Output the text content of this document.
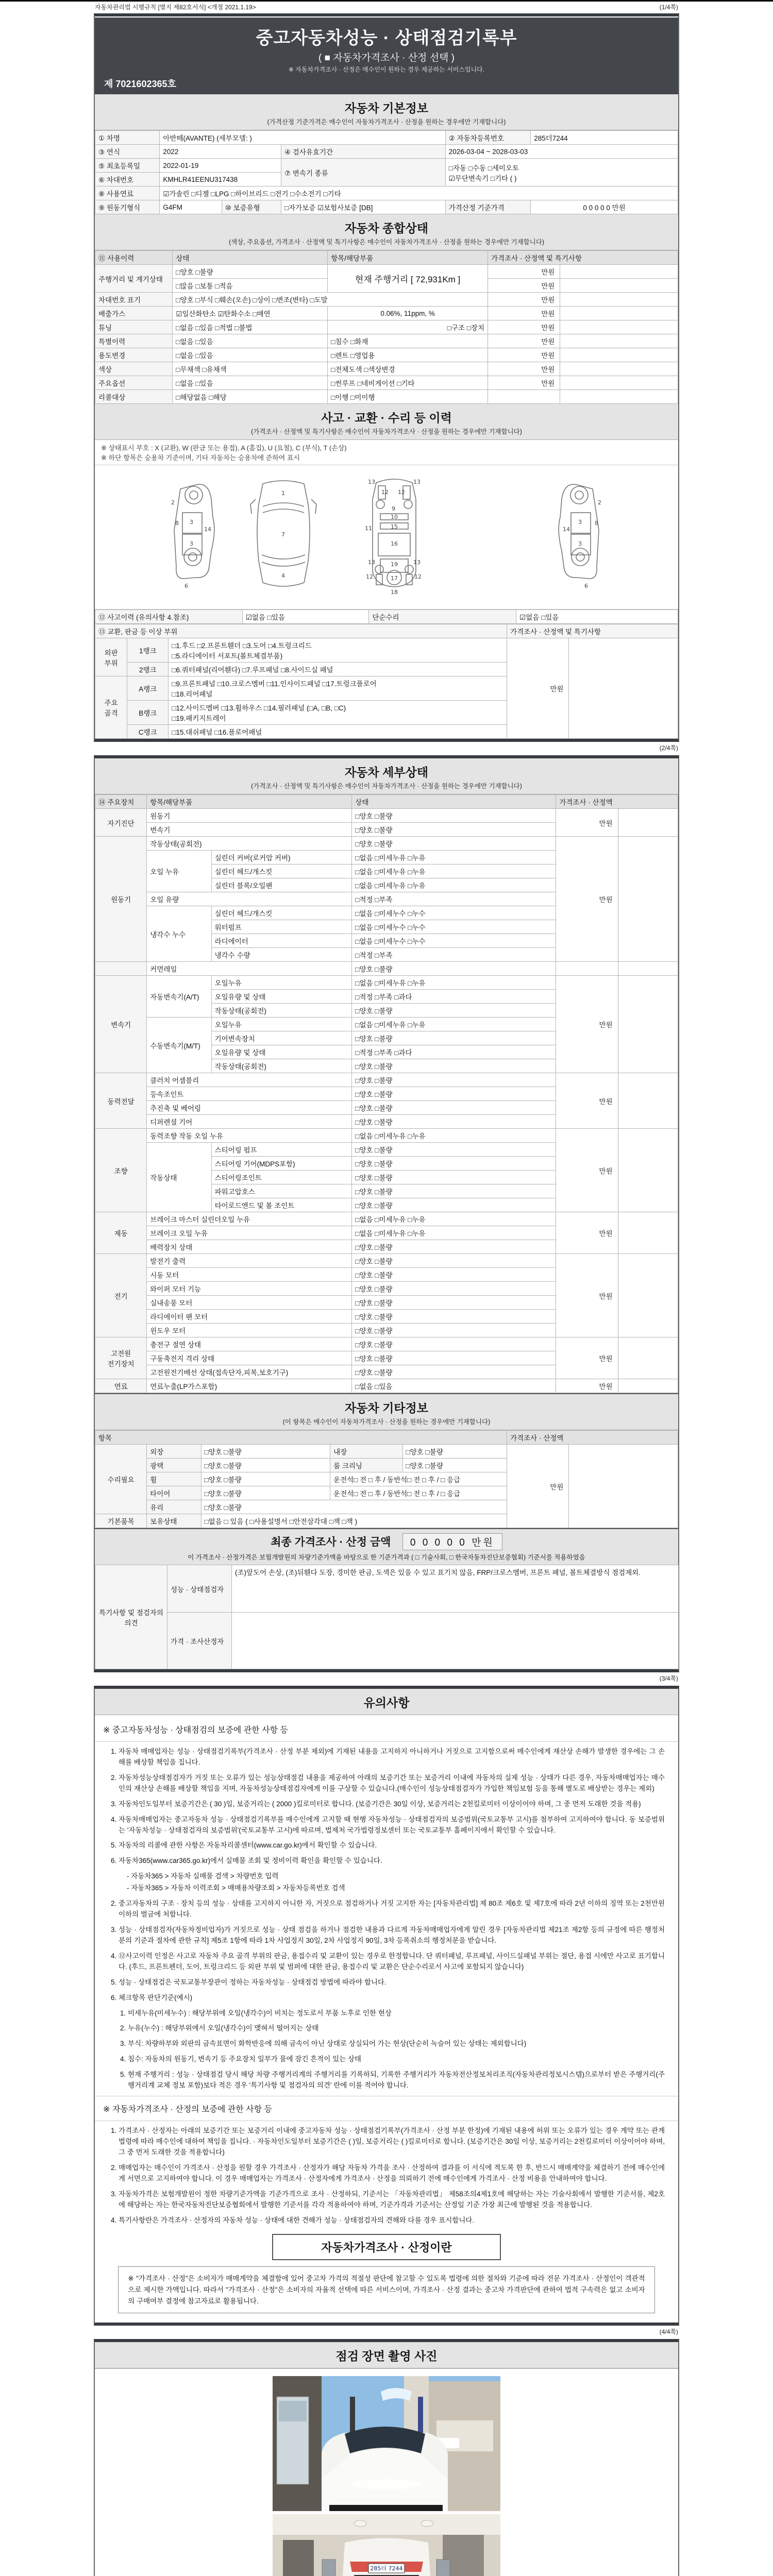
자동차관리법 시행규칙 [별지 제82호서식] <개정 2021.1.19>	(1/4쪽)
중고자동차성능 · 상태점검기록부
( ■ 자동차가격조사 · 산정 선택 )
※ 자동차가격조사 · 산정은 매수인이 원하는 경우 제공하는 서비스입니다.
제 7021602365호
자동차 기본정보
(가격산정 기준가격은 매수인이 자동차가격조사 · 산정을 원하는 경우에만 기재합니다)
① 차명	아반떼(AVANTE) (세부모델: )			② 자동차등록번호	285더7244
③ 연식	2022		④ 검사유효기간	2026-03-04 ~ 2028-03-03	
⑤ 최초등록일	2022-01-19		⑦ 변속기 종류	□자동 □수동 □세미오토
☑무단변속기 □기타 ( )	

⑥ 차대번호	KMHLR41EENU317438				
⑧ 사용연료	☑가솔린 □디젤 □LPG □하이브리드 □전기 □수소전기 □기타				
⑨ 원동기형식	G4FM	⑩ 보증유형	□자가보증 ☑보험사보증 [DB]	가격산정 기준가격	0 0 0 0 0 만원
자동차 종합상태
(색상, 주요옵션, 가격조사 · 산정액 및 특기사항은 매수인이 자동차가격조사 · 산정을 원하는 경우에만 기재합니다)
⑪ 사용이력	상태	항목/해당부품	가격조사 · 산정액 및 특기사항	
주행거리 및 계기상태	□양호 □불량	현재 주행거리 [ 72,931Km ]	만원	
	□많음 □보통 □적음		만원	
차대번호 표기	□양호 □부식 □훼손(오손) □상이 □변조(변타) □도말		만원	
배출가스	☑일산화탄소 ☑탄화수소 □매연	0.06%, 11ppm, %	만원	
튜닝	□없음 □있음 □적법 □불법	□구조 □장치	만원	
특별이력	□없음 □있음	□침수 □화재	만원	
용도변경	□없음 □있음	□렌트 □영업용	만원	
색상	□무채색 □유채색	□전체도색 □색상변경	만원	
주요옵션	□없음 □있음	□썬루프 □네비게이션 □기타	만원	
리콜대상	□해당없음 □해당	□이행 □미이행		
사고 · 교환 · 수리 등 이력
(가격조사 · 산정액 및 특기사항은 매수인이 자동차가격조사 · 산정을 원하는 경우에만 기재합니다)
※ 상태표시 부호 : X (교환), W (판금 또는 용접), A (흠집), U (요철), C (부식), T (손상)
※ 하단 항목은 승용차 기준이며, 기타 자동차는 승용차에 준하여 표시
2
8 3
3
14
6
1
7
4
13	13
12 12
9
10
15
16
19
13	13
12	12
17
18
11
2
8
3
3
14
6
⑫ 사고이력 (유의사항 4.참조)	☑없음 □있음	단순수리	☑없음 □있음
⑬ 교환, 판금 등 이상 부위			가격조사 · 산정액 및 특기사항	
외판 부위	1랭크	□1.후드 □2.프론트휀더 □3.도어 □4.트렁크리드
□5.라디에이터 서포트(볼트체결부품)	만원	
	2랭크	□6.쿼터패널(리어휀다) □7.루프패널 □8.사이드실 패널		
주요 골격	A랭크	□9.프론트패널 □10.크로스멤버 □11.인사이드패널 □17.트렁크플로어
□18.리어패널		

	B랭크	□12.사이드멤버 □13.휠하우스 □14.필러패널 (□A, □B, □C)
□19.패키지트레이		

	C랭크	□15.대쉬패널 □16.플로어패널		
(2/4쪽)
자동차 세부상태
(가격조사 · 산정액 및 특기사항은 매수인이 자동차가격조사 · 산정을 원하는 경우에만 기재합니다)
⑭ 주요장치	항목/해당부품		상태	가격조사 · 산정액	
자기진단	원동기		□양호 □불량	만원	
	변속기		□양호 □불량		
원동기	작동상태(공회전)		□양호 □불량	만원	
	오일 누유	실린더 커버(로커암 커버)	□없음 □미세누유 □누유		
		실린더 헤드/개스킷	□없음 □미세누유 □누유		
		실린더 블록/오일팬	□없음 □미세누유 □누유		
	오일 유량		□적정 □부족		
	냉각수 누수	실린더 헤드/개스킷	□없음 □미세누수 □누수		
		워터펌프	□없음 □미세누수 □누수		
		라디에이터	□없음 □미세누수 □누수		
		냉각수 수량	□적정 □부족		
	커먼레일		□양호 □불량		
변속기	자동변속기(A/T)	오일누유	□없음 □미세누유 □누유	만원	
		오일유량 및 상태	□적정 □부족 □과다		
		작동상태(공회전)	□양호 □불량		
	수동변속기(M/T)	오일누유	□없음 □미세누유 □누유		
		기어변속장치	□양호 □불량		
		오일유량 및 상태	□적정 □부족 □과다		
		작동상태(공회전)	□양호 □불량		
동력전달	클러치 어셈블리		□양호 □불량	만원	
	등속조인트		□양호 □불량		
	추진축 및 베어링		□양호 □불량		
	디퍼렌셜 기어		□양호 □불량		
조향	동력조향 작동 오일 누유		□없음 □미세누유 □누유	만원	
	작동상태	스티어링 펌프	□양호 □불량		
		스티어링 기어(MDPS포함)	□양호 □불량		
		스티어링조인트	□양호 □불량		
		파워고압호스	□양호 □불량		
		타이로드엔드 및 볼 조인트	□양호 □불량		
제동	브레이크 마스터 실린더오일 누유		□없음 □미세누유 □누유	만원	
	브레이크 오일 누유		□없음 □미세누유 □누유		
	배력장치 상태		□양호 □불량		
전기	발전기 출력		□양호 □불량	만원	
	시동 모터		□양호 □불량		
	와이퍼 모터 기능		□양호 □불량		
	실내송풍 모터		□양호 □불량		
	라디에이터 팬 모터		□양호 □불량		
	윈도우 모터		□양호 □불량		
고전원 전기장치	충전구 절연 상태		□양호 □불량	만원	
	구동축전지 격리 상태		□양호 □불량		
	고전원전기배선 상태(접속단자,피복,보호기구)		□양호 □불량		
연료	연료누출(LP가스포함)		□없음 □있음	만원	
자동차 기타정보
(이 항목은 매수인이 자동차가격조사 · 산정을 원하는 경우에만 기재합니다)
항목					가격조사 · 산정액	
수리필요	외장	□양호 □불량	내장	□양호 □불량	만원	
	광택	□양호 □불량	룸 크리닝	□양호 □불량		
	휠	□양호 □불량	운전석□ 전 □ 후 / 동반석□ 전 □ 후 / □ 응급			
	타이어	□양호 □불량	운전석□ 전 □ 후 / 동반석□ 전 □ 후 / □ 응급			
	유리	□양호 □불량				
기본품목	보유상태	□없음 □ 있음 ( □사용설명서 □안전삼각대 □잭 □잭 )				
최종 가격조사 · 산정 금액 0 0 0 0 0 만원
이 가격조사 · 산정가격은 보험개발원의 차량기준가액을 바탕으로 한 기준가격과 ( □ 기술사회, □ 한국자동차진단보증협회) 기준서를 적용하였음
특기사항 및 점검자의 의견	성능 · 상태점검자	(조)앞도어 손상, (조)뒤휀다 도장, 경미한 판금, 도색은 있을 수 있고 표기치 않음, FRP/크로스멤버, 프론트 패널, 볼트체결방식 점검제외.
	가격 · 조사산정자	
(3/4쪽)
유의사항
※ 중고자동차성능 · 상태점검의 보증에 관한 사항 등
1. 자동차 매매업자는 성능 · 상태점검기록부(가격조사 · 산정 부분 제외)에 기재된 내용을 고지하지 아니하거나 거짓으로 고지함으로써 매수인에게 재산상 손해가 발생한 경우에는 그 손해를 배상할 책임을 집니다.
2. 자동차성능상태점검자가 거짓 또는 오류가 있는 성능상태점검 내용을 제공하여 아래의 보증기간 또는 보증거리 이내에 자동차의 실제 성능 · 상태가 다른 경우, 자동차매매업자는 매수인의 재산상 손해를 배상할 책임을 지며, 자동차성능상태점검자에게 이를 구상할 수 있습니다.(매수인이 성능상태점검자가 가입한 책임보험 등을 통해 별도로 배상받는 경우는 제외)
3. 자동차인도일부터 보증기간은 ( 30 )일, 보증거리는 ( 2000 )킬로미터로 합니다. (보증기간은 30일 이상, 보증거리는 2천킬로미터 이상이어야 하며, 그 중 먼저 도래한 것을 적용)
4. 자동차매매업자는 중고자동차 성능 · 상태점검기록부를 매수인에게 고지할 때 현행 자동차성능 · 상태점검자의 보증범위(국토교통부 고시)를 첨부하여 고지하여야 합니다. 동 보증범위는 '자동차성능 · 상태점검자의 보증범위'(국토교통부 고시)에 따르며, 법제처 국가법령정보센터 또는 국토교통부 홈페이지에서 확인할 수 있습니다.
5. 자동차의 리콜에 관한 사항은 자동차리콜센터(www.car.go.kr)에서 확인할 수 있습니다.
6. 자동차365(www.car365.go.kr)에서 실매물 조회 및 정비이력 확인을 확인할 수 있습니다.
- 자동차365 > 자동차 실매물 검색 > 차량번호 입력
- 자동차365 > 자동차 이력조회 > 매매용차량조회 > 자동차등록번호 검색
2. 중고자동차의 구조 · 장치 등의 성능 · 상태를 고지하지 아니한 자, 거짓으로 점검하거나 거짓 고지한 자는 [자동차관리법] 제 80조 제6호 및 제7호에 따라 2년 이하의 징역 또는 2천만원 이하의 벌금에 처합니다.
3. 성능 · 상태점검자(자동차정비업자)가 거짓으로 성능 · 상태 점검을 하거나 점검한 내용과 다르게 자동차매매업자에게 알린 경우 [자동차관리법 제21조 제2항 등의 규정에 따른 행정처분의 기준과 절차에 관한 규칙] 제5조 1항에 따라 1차 사업정지 30일, 2차 사업정지 90일, 3차 등록취소의 행정처분을 받습니다.
4. ⑫사고이력 인정은 사고로 자동차 주요 골격 부위의 판금, 용접수리 및 교환이 있는 경우로 한정합니다. 단 쿼터패널, 루프패널, 사이드실패널 부위는 절단, 용접 시에만 사고로 표기합니다. (후드, 프론트펜더, 도어, 트렁크리드 등 외판 부위 및 범퍼에 대한 판금, 용접수리 및 교환은 단순수리로서 사고에 포함되지 않습니다)
5. 성능 · 상태점검은 국토교통부장관이 정하는 자동차성능 · 상태점검 방법에 따라야 합니다.
6. 체크항목 판단기준(예시)
1. 미세누유(미세누수) : 해당부위에 오일(냉각수)이 비치는 정도로서 부품 노후로 인한 현상
2. 누유(누수) : 해당부위에서 오일(냉각수)이 맺혀서 떨어지는 상태
3. 부식: 차량하부와 외판의 금속표면이 화학반응에 의해 금속이 아닌 상태로 상실되어 가는 현상(단순히 녹슬어 있는 상태는 제외합니다)
4. 침수: 자동차의 원동기, 변속기 등 주요장치 일부가 물에 잠긴 흔적이 있는 상태
5. 현재 주행거리 : 성능 · 상태점검 당시 해당 차량 주행거리계의 주행거리를 기록하되, 기록한 주행거리가 자동차전산정보처리조직(자동차관리정보시스템)으로부터 받은 주행거리(주행거리계 교체 정보 포함)보다 적은 경우 '특기사항 및 점검자의 의견' 란에 이를 적어야 합니다.
※ 자동차가격조사 · 산정의 보증에 관한 사항 등
1. 가격조사 · 산정자는 아래의 보증기간 또는 보증거리 이내에 중고자동차 성능 · 상태점검기록부(가격조사 · 산정 부분 한정)에 기재된 내용에 허위 또는 오류가 있는 경우 계약 또는 관계법령에 따라 매수인에 대하여 책임을 집니다. · 자동차인도일부터 보증기간은 ( )일, 보증거리는 ( )킬로미터로 합니다. (보증기간은 30일 이상, 보증거리는 2천킬로미터 이상이어야 하며, 그 중 먼저 도래한 것을 적용합니다)
2. 매매업자는 매수인이 가격조사 · 산정을 원할 경우 가격조사 · 산정자가 해당 자동차 가격을 조사 · 산정하여 결과를 이 서식에 적도록 한 후, 반드시 매매계약을 체결하기 전에 매수인에게 서면으로 고지하여야 합니다. 이 경우 매매업자는 가격조사 · 산정자에게 가격조사 · 산정을 의뢰하기 전에 매수인에게 가격조사 · 산정 비용을 안내하여야 합니다.
3. 자동차가격은 보험개발원이 정한 차량기준가액을 기준가격으로 조사 · 산정하되, 기준서는 「자동차관리법」 제58조의4제1호에 해당하는 자는 기술사회에서 발행한 기준서를, 제2호에 해당하는 자는 한국자동차진단보증협회에서 발행한 기준서를 각각 적용하여야 하며, 기준가격과 기준서는 산정일 기준 가장 최근에 발행된 것을 적용합니다.
4. 특기사항란은 가격조사 · 산정자의 자동차 성능 · 상태에 대한 견해가 성능 · 상태점검자의 견해와 다를 경우 표시합니다.
자동차가격조사 · 산정이란
※ "가격조사 · 산정"은 소비자가 매매계약을 체결함에 있어 중고차 가격의 적절성 판단에 참고할 수 있도록 법령에 의한 절차와 기준에 따라 전문 가격조사 · 산정인이 객관적으로 제시한 가액입니다. 따라서 "가격조사 · 산정"은 소비자의 자율적 선택에 따른 서비스이며, 가격조사 · 산정 결과는 중고차 가격판단에 관하여 법적 구속력은 없고 소비자의 구매여부 결정에 참고자료로 활용됩니다.
(4/4쪽)
점검 장면 촬영 사진
285더 7244
